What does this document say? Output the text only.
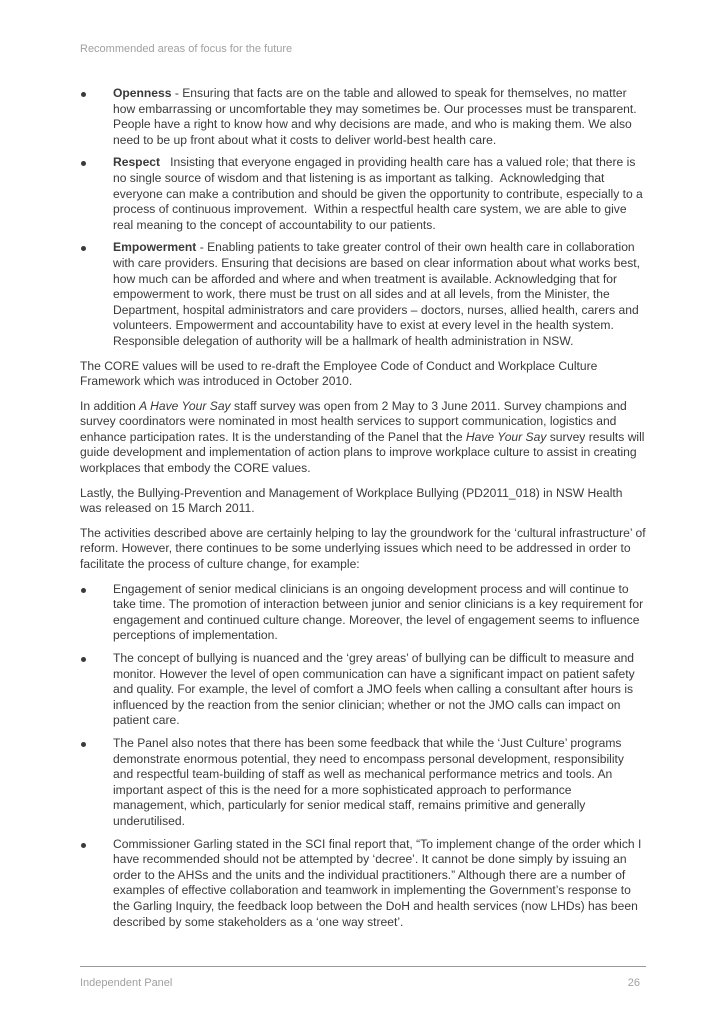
Recommended areas of focus for the future
Openness - Ensuring that facts are on the table and allowed to speak for themselves, no matter how embarrassing or uncomfortable they may sometimes be. Our processes must be transparent. People have a right to know how and why decisions are made, and who is making them. We also need to be up front about what it costs to deliver world-best health care.
Respect   Insisting that everyone engaged in providing health care has a valued role; that there is no single source of wisdom and that listening is as important as talking.  Acknowledging that everyone can make a contribution and should be given the opportunity to contribute, especially to a process of continuous improvement.  Within a respectful health care system, we are able to give real meaning to the concept of accountability to our patients.
Empowerment - Enabling patients to take greater control of their own health care in collaboration with care providers. Ensuring that decisions are based on clear information about what works best, how much can be afforded and where and when treatment is available. Acknowledging that for empowerment to work, there must be trust on all sides and at all levels, from the Minister, the Department, hospital administrators and care providers – doctors, nurses, allied health, carers and volunteers. Empowerment and accountability have to exist at every level in the health system. Responsible delegation of authority will be a hallmark of health administration in NSW.

The CORE values will be used to re-draft the Employee Code of Conduct and Workplace Culture Framework which was introduced in October 2010.

In addition A Have Your Say staff survey was open from 2 May to 3 June 2011. Survey champions and survey coordinators were nominated in most health services to support communication, logistics and enhance participation rates. It is the understanding of the Panel that the Have Your Say survey results will guide development and implementation of action plans to improve workplace culture to assist in creating workplaces that embody the CORE values.

Lastly, the Bullying-Prevention and Management of Workplace Bullying (PD2011_018) in NSW Health was released on 15 March 2011.

The activities described above are certainly helping to lay the groundwork for the ‘cultural infrastructure’ of reform. However, there continues to be some underlying issues which need to be addressed in order to facilitate the process of culture change, for example:

Engagement of senior medical clinicians is an ongoing development process and will continue to take time. The promotion of interaction between junior and senior clinicians is a key requirement for engagement and continued culture change. Moreover, the level of engagement seems to influence perceptions of implementation.
The concept of bullying is nuanced and the ‘grey areas’ of bullying can be difficult to measure and monitor. However the level of open communication can have a significant impact on patient safety and quality. For example, the level of comfort a JMO feels when calling a consultant after hours is influenced by the reaction from the senior clinician; whether or not the JMO calls can impact on patient care.
The Panel also notes that there has been some feedback that while the ‘Just Culture’ programs demonstrate enormous potential, they need to encompass personal development, responsibility and respectful team-building of staff as well as mechanical performance metrics and tools. An important aspect of this is the need for a more sophisticated approach to performance management, which, particularly for senior medical staff, remains primitive and generally underutilised.
Commissioner Garling stated in the SCI final report that, “To implement change of the order which I have recommended should not be attempted by ‘decree’. It cannot be done simply by issuing an order to the AHSs and the units and the individual practitioners.” Although there are a number of examples of effective collaboration and teamwork in implementing the Government’s response to the Garling Inquiry, the feedback loop between the DoH and health services (now LHDs) has been described by some stakeholders as a ‘one way street’.
Independent Panel	26
